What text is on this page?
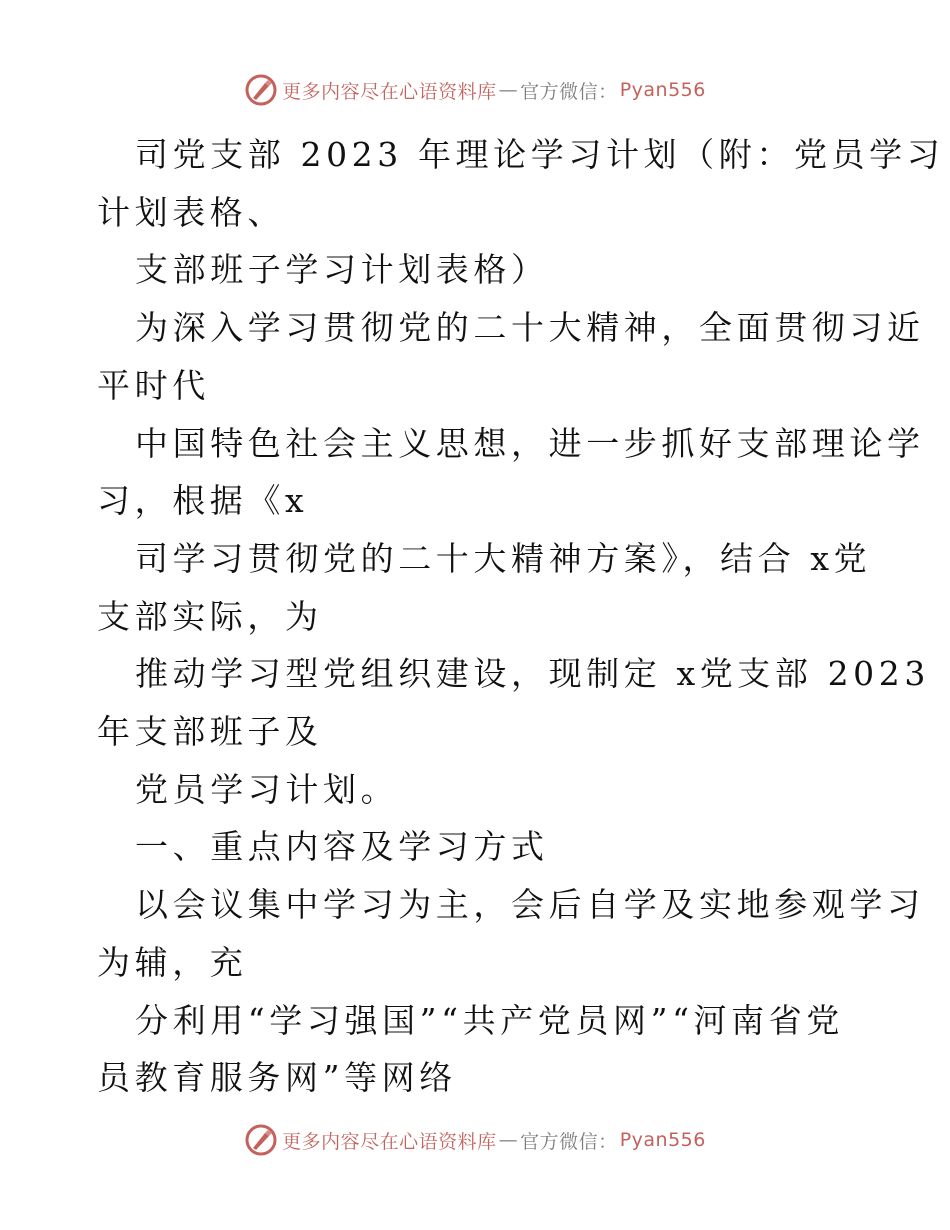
更多内容尽在心语资料库 — 官方微信： Pyan556

司党支部 2023 年理论学习计划（附：党员学习
计划表格、

支部班子学习计划表格）

为深入学习贯彻党的二十大精神，全面贯彻习近
平时代

中国特色社会主义思想，进一步抓好支部理论学
习，根据《x

司学习贯彻党的二十大精神方案》，结合 x党
支部实际，为

推动学习型党组织建设，现制定 x党支部 2023
年支部班子及

党员学习计划。

一、重点内容及学习方式

以会议集中学习为主，会后自学及实地参观学习
为辅，充

分利用“学习强国”“共产党员网”“河南省党
员教育服务网”等网络

更多内容尽在心语资料库 — 官方微信： Pyan556
